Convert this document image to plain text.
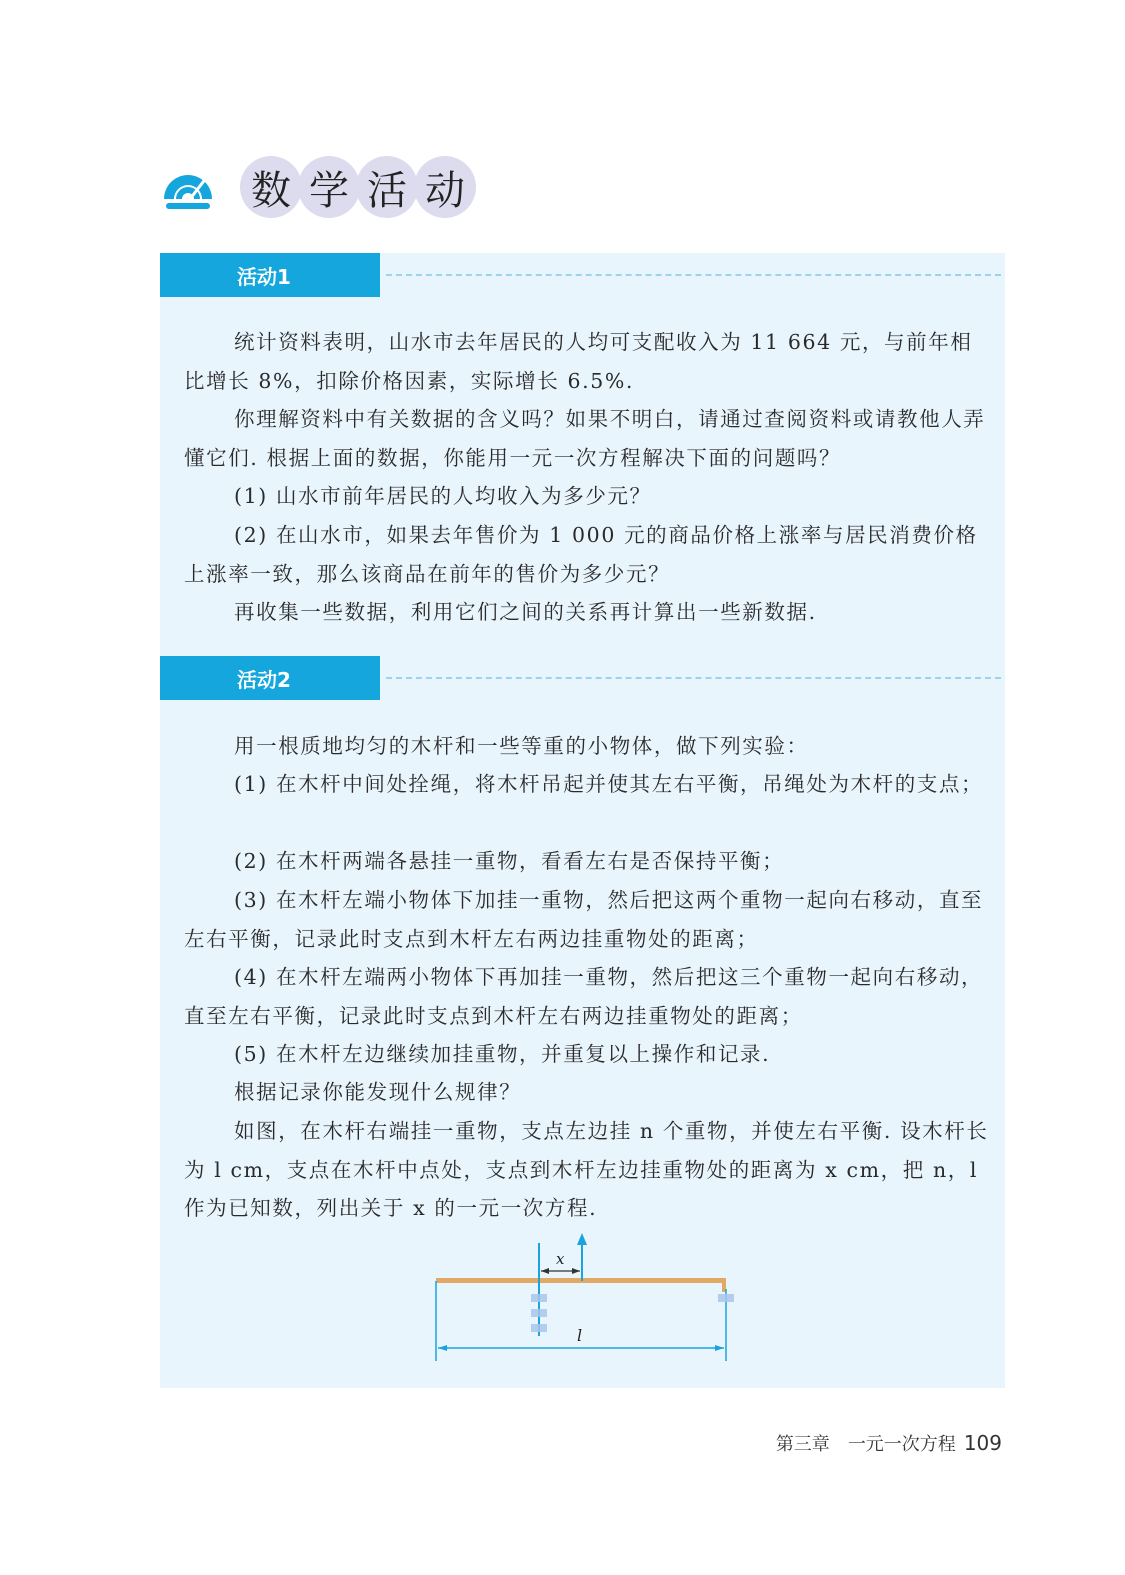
数 学 活 动
活动1

统计资料表明，山水市去年居民的人均可支配收入为 11 664 元，与前年相比增长 8%，扣除价格因素，实际增长 6.5%.

你理解资料中有关数据的含义吗？如果不明白，请通过查阅资料或请教他人弄懂它们. 根据上面的数据，你能用一元一次方程解决下面的问题吗？

(1) 山水市前年居民的人均收入为多少元？

(2) 在山水市，如果去年售价为 1 000 元的商品价格上涨率与居民消费价格上涨率一致，那么该商品在前年的售价为多少元？

再收集一些数据，利用它们之间的关系再计算出一些新数据.

活动2

用一根质地均匀的木杆和一些等重的小物体，做下列实验：

(1) 在木杆中间处拴绳，将木杆吊起并使其左右平衡，吊绳处为木杆的支点；

(2) 在木杆两端各悬挂一重物，看看左右是否保持平衡；

(3) 在木杆左端小物体下加挂一重物，然后把这两个重物一起向右移动，直至左右平衡，记录此时支点到木杆左右两边挂重物处的距离；

(4) 在木杆左端两小物体下再加挂一重物，然后把这三个重物一起向右移动，直至左右平衡，记录此时支点到木杆左右两边挂重物处的距离；

(5) 在木杆左边继续加挂重物，并重复以上操作和记录.

根据记录你能发现什么规律？

如图，在木杆右端挂一重物，支点左边挂 n 个重物，并使左右平衡. 设木杆长为 l cm，支点在木杆中点处，支点到木杆左边挂重物处的距离为 x cm，把 n，l 作为已知数，列出关于 x 的一元一次方程.

x
l
第三章 一元一次方程 109
